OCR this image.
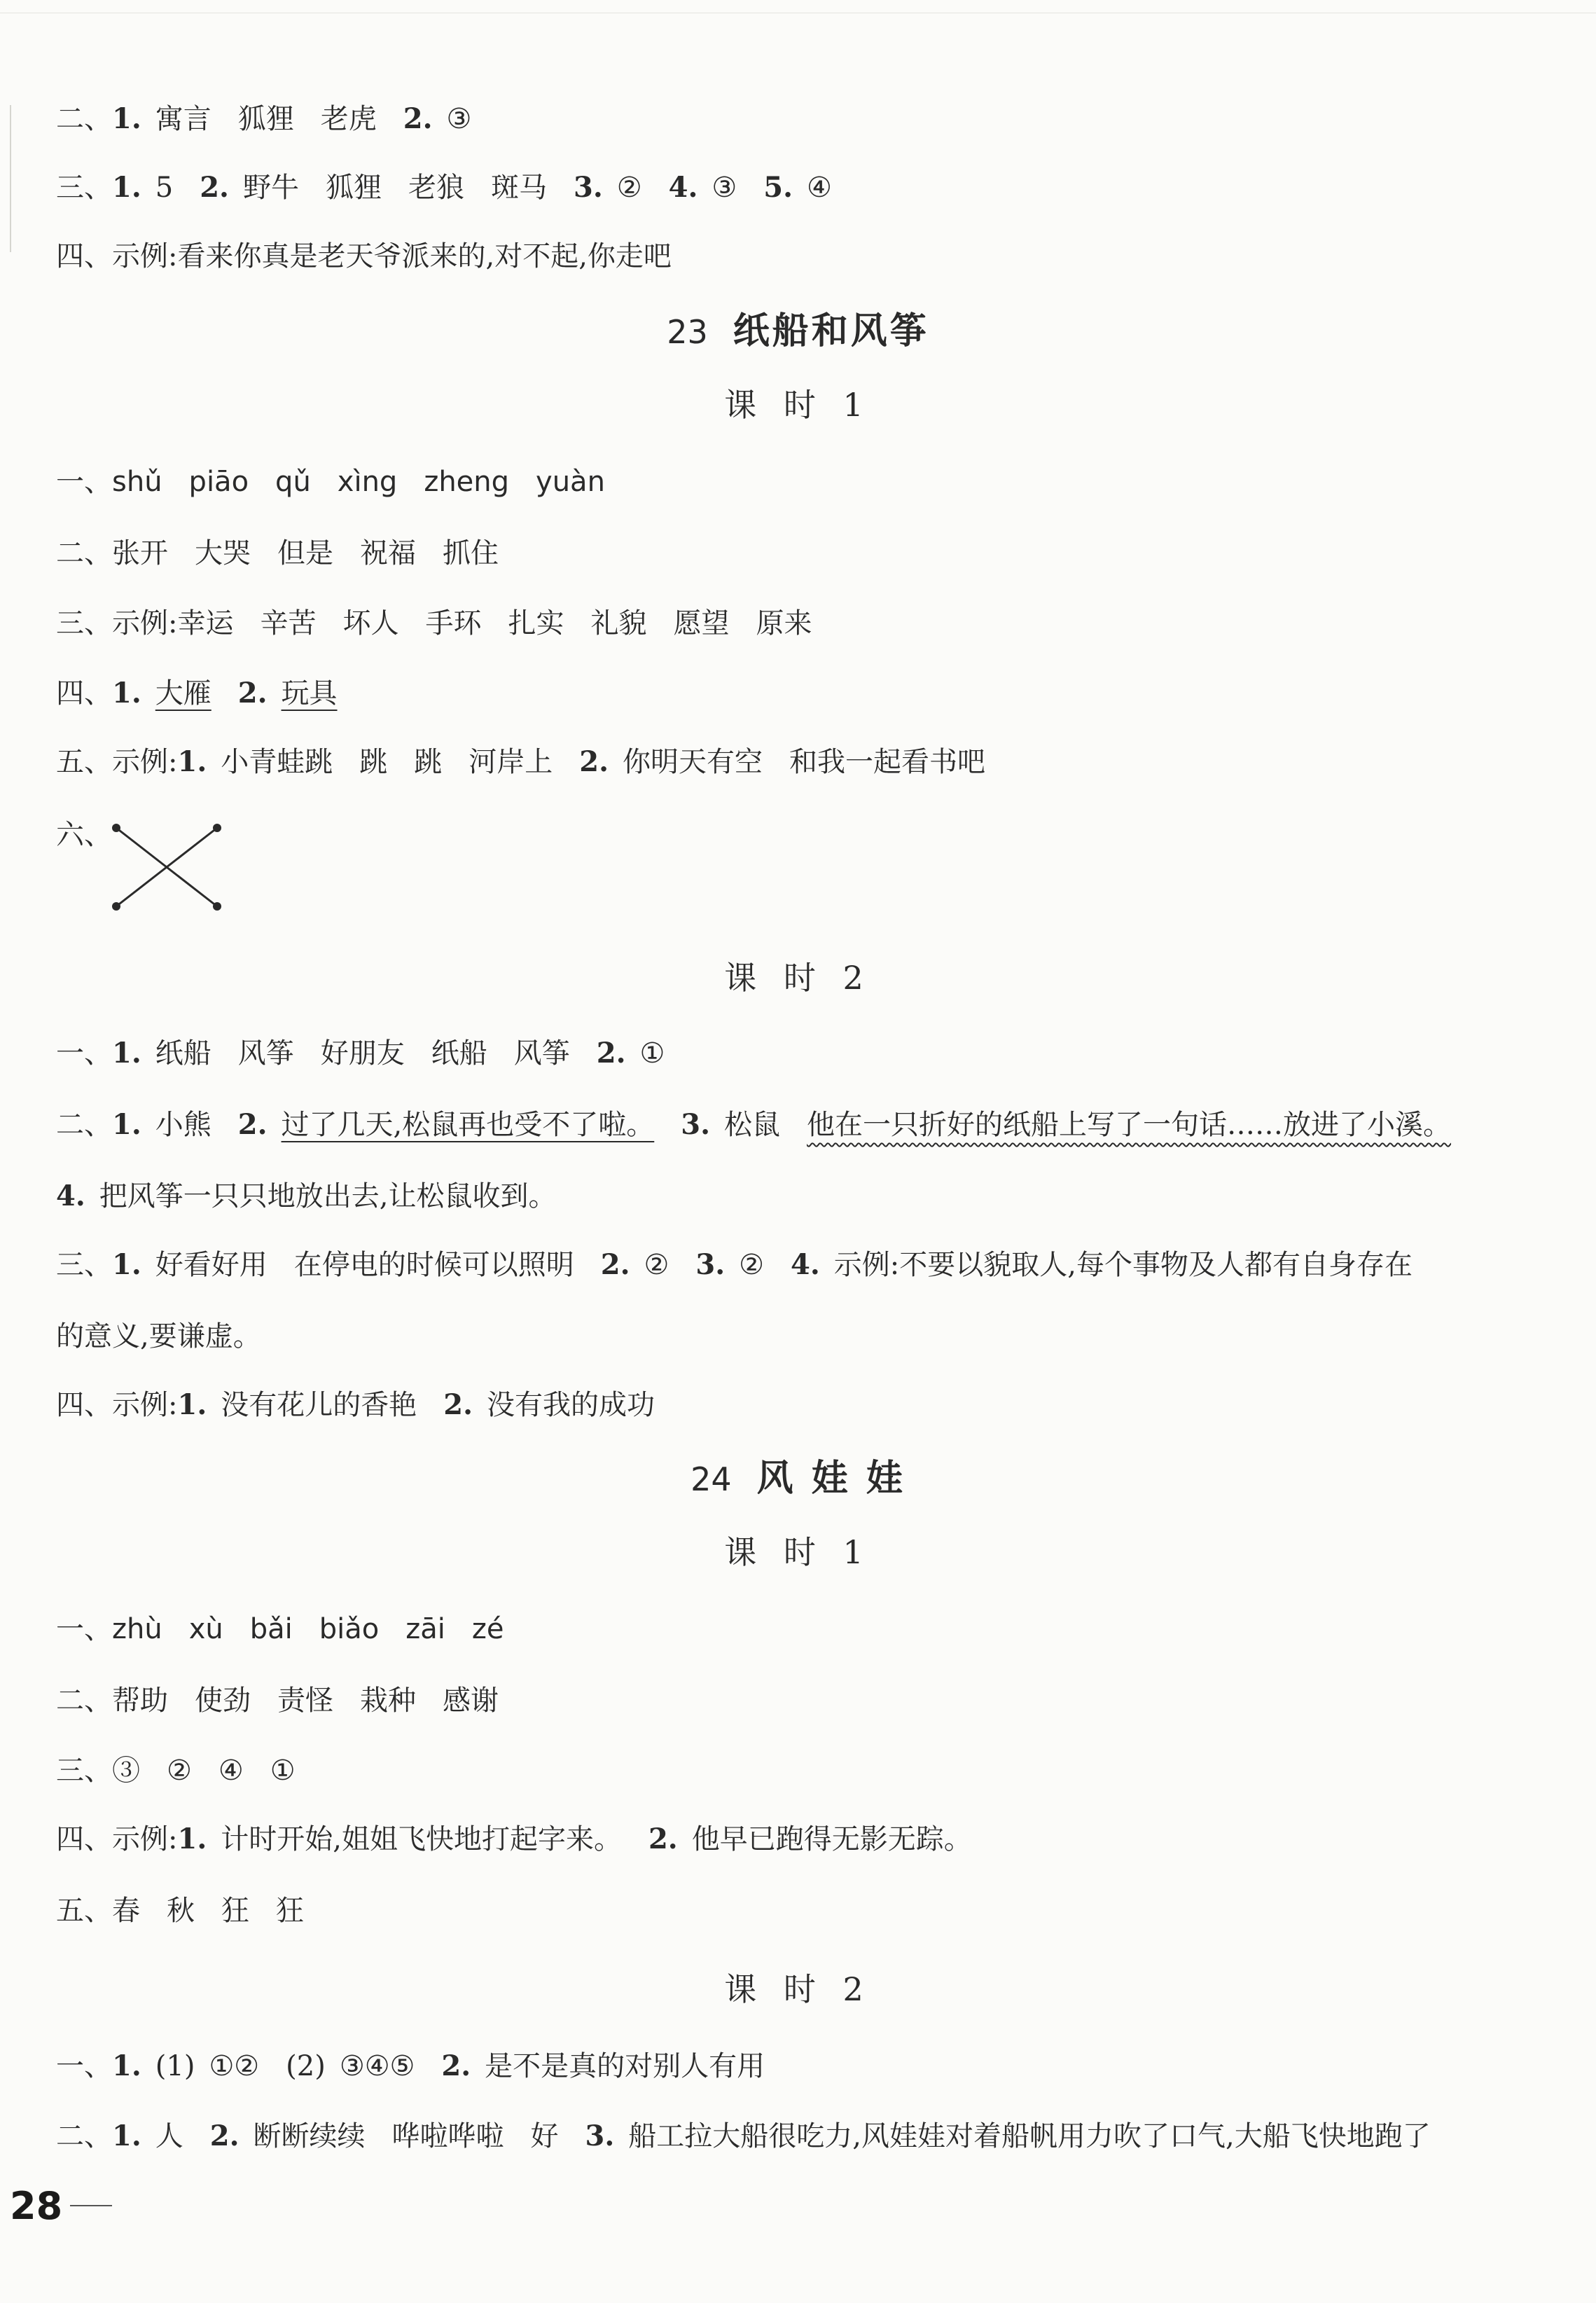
二、1. 寓言 狐狸 老虎 2. ③
三、1. 5 2. 野牛 狐狸 老狼 斑马 3. ② 4. ③ 5. ④
四、示例:看来你真是老天爷派来的,对不起,你走吧
23 纸船和风筝
课 时 1
一、shǔ piāo qǔ xìng zheng yuàn
二、张开 大哭 但是 祝福 抓住
三、示例:幸运 辛苦 坏人 手环 扎实 礼貌 愿望 原来
四、1. 大雁 2. 玩具
五、示例:1. 小青蛙跳 跳 跳 河岸上 2. 你明天有空 和我一起看书吧
六、
课 时 2
一、1. 纸船 风筝 好朋友 纸船 风筝 2. ①
二、1. 小熊 2. 过了几天,松鼠再也受不了啦。 3. 松鼠 他在一只折好的纸船上写了一句话……放进了小溪。
4. 把风筝一只只地放出去,让松鼠收到。
三、1. 好看好用 在停电的时候可以照明 2. ② 3. ② 4. 示例:不要以貌取人,每个事物及人都有自身存在
的意义,要谦虚。
四、示例:1. 没有花儿的香艳 2. 没有我的成功
24 风 娃 娃
课 时 1
一、zhù xù bǎi biǎo zāi zé
二、帮助 使劲 责怪 栽种 感谢
三、③ ② ④ ①
四、示例:1. 计时开始,姐姐飞快地打起字来。 2. 他早已跑得无影无踪。
五、春 秋 狂 狂
课 时 2
一、1. (1) ①② (2) ③④⑤ 2. 是不是真的对别人有用
二、1. 人 2. 断断续续 哗啦哗啦 好 3. 船工拉大船很吃力,风娃娃对着船帆用力吹了口气,大船飞快地跑了
28
